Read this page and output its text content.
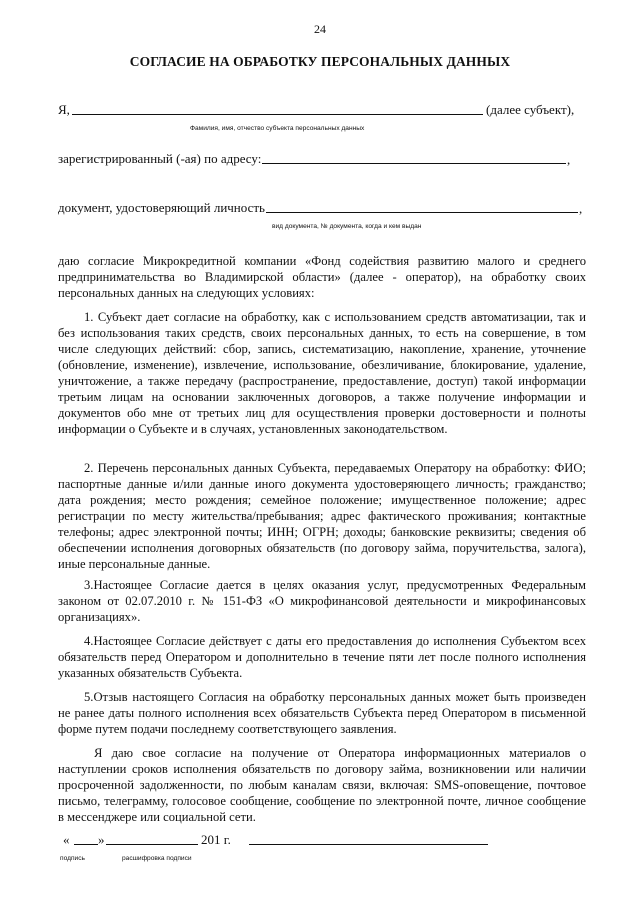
24
СОГЛАСИЕ НА ОБРАБОТКУ ПЕРСОНАЛЬНЫХ ДАННЫХ
Я,	(далее субъект),
Фамилия, имя, отчество субъекта персональных данных
зарегистрированный (-ая) по адресу:	,
документ, удостоверяющий личность	,
вид документа, № документа, когда и кем выдан

даю согласие Микрокредитной компании «Фонд содействия развитию малого и среднего предпринимательства во Владимирской области» (далее - оператор), на обработку своих персональных данных на следующих условиях:

1. Субъект дает согласие на обработку, как с использованием средств автоматизации, так и без использования таких средств, своих персональных данных, то есть на совершение, в том числе следующих действий: сбор, запись, систематизацию, накопление, хранение, уточнение (обновление, изменение), извлечение, использование, обезличивание, блокирование, удаление, уничтожение, а также передачу (распространение, предоставление, доступ) такой информации третьим лицам на основании заключенных договоров, а также получение информации и документов обо мне от третьих лиц для осуществления проверки достоверности и полноты информации о Субъекте и в случаях, установленных законодательством.

2. Перечень персональных данных Субъекта, передаваемых Оператору на обработку: ФИО; паспортные данные и/или данные иного документа удостоверяющего личность; гражданство; дата рождения; место рождения; семейное положение; имущественное положение; адрес регистрации по месту жительства/пребывания; адрес фактического проживания; контактные телефоны; адрес электронной почты; ИНН; ОГРН; доходы; банковские реквизиты; сведения об обеспечении исполнения договорных обязательств (по договору займа, поручительства, залога), иные персональные данные.

3.Настоящее Согласие дается в целях оказания услуг, предусмотренных Федеральным законом от 02.07.2010 г. № 151-ФЗ «О микрофинансовой деятельности и микрофинансовых организациях».

4.Настоящее Согласие действует с даты его предоставления до исполнения Субъектом всех обязательств перед Оператором и дополнительно в течение пяти лет после полного исполнения указанных обязательств Субъекта.

5.Отзыв настоящего Согласия на обработку персональных данных может быть произведен не ранее даты полного исполнения всех обязательств Субъекта перед Оператором в письменной форме путем подачи последнему соответствующего заявления.

Я даю свое согласие на получение от Оператора информационных материалов о наступлении сроков исполнения обязательств по договору займа, возникновении или наличии просроченной задолженности, по любым каналам связи, включая: SMS-оповещение, почтовое письмо, телеграмму, голосовое сообщение, сообщение по электронной почте, личное сообщение в мессенджере или социальной сети.

« »	201 г.
подпись	расшифровка подписи
